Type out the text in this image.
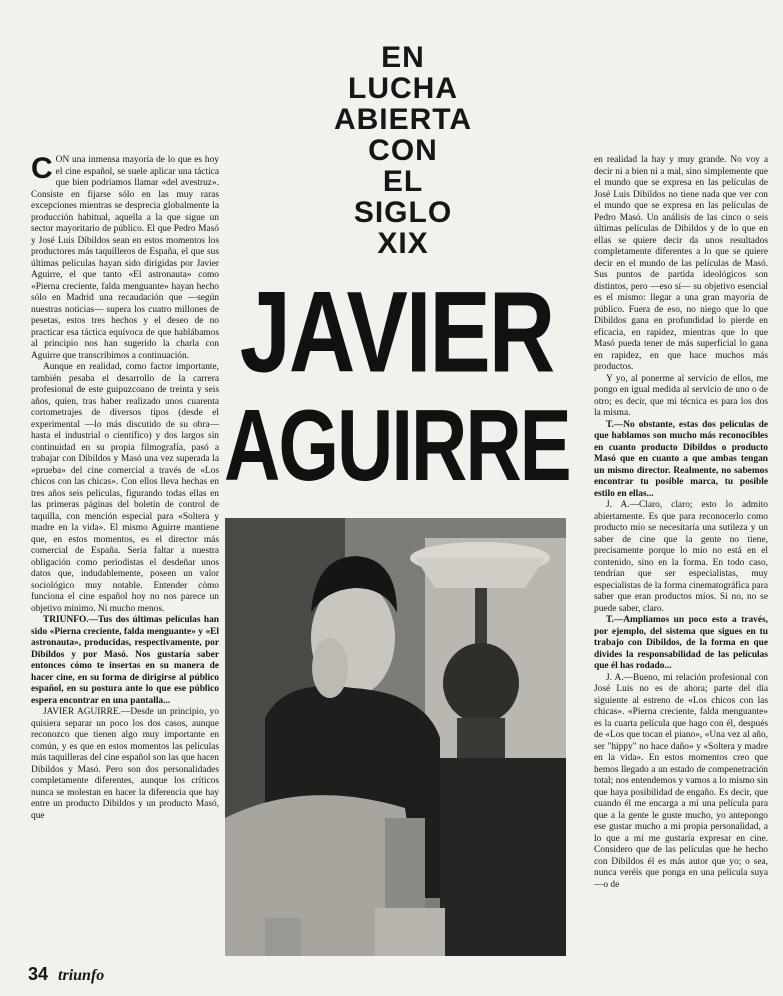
EN
LUCHA
ABIERTA
CON
EL
SIGLO
XIX
JAVIER
AGUIRRE

CON una inmensa mayoría de lo que es hoy el cine español, se suele aplicar una táctica que bien podríamos llamar «del avestruz». Consiste en fijarse sólo en las muy raras excepciones mientras se desprecia globalmente la producción habitual, aquella a la que sigue un sector mayoritario de público. El que Pedro Masó y José Luis Dibildos sean en estos momentos los productores más taquilleros de España, el que sus últimas películas hayan sido dirigidas por Javier Aguirre, el que tanto «El astronauta» como «Pierna creciente, falda menguante» hayan hecho sólo en Madrid una recaudación que —según nuestras noticias— supera los cuatro millones de pesetas, estos tres hechos y el deseo de no practicar esa táctica equívoca de que hablábamos al principio nos han sugerido la charla con Aguirre que transcribimos a continuación.

Aunque en realidad, como factor importante, también pesaba el desarrollo de la carrera profesional de este guipuzcoano de treinta y seis años, quien, tras haber realizado unos cuarenta cortometrajes de diversos tipos (desde el experimental —lo más discutido de su obra— hasta el industrial o científico) y dos largos sin continuidad en su propia filmografía, pasó a trabajar con Dibildos y Masó una vez superada la «prueba» del cine comercial a través de «Los chicos con las chicas». Con ellos lleva hechas en tres años seis películas, figurando todas ellas en las primeras páginas del boletín de control de taquilla, con mención especial para «Soltera y madre en la vida». El mismo Aguirre mantiene que, en estos momentos, es el director más comercial de España. Sería faltar a nuestra obligación como periodistas el desdeñar unos datos que, indudablemente, poseen un valor sociológico muy notable. Entender cómo funciona el cine español hoy no nos parece un objetivo mínimo. Ni mucho menos.

TRIUNFO.—Tus dos últimas películas han sido «Pierna creciente, falda menguante» y «El astronauta», producidas, respectivamente, por Dibildos y por Masó. Nos gustaría saber entonces cómo te insertas en su manera de hacer cine, en su forma de dirigirse al público español, en su postura ante lo que ese público espera encontrar en una pantalla...

JAVIER AGUIRRE.—Desde un principio, yo quisiera separar un poco los dos casos, aunque reconozco que tienen algo muy importante en común, y es que en estos momentos las películas más taquilleras del cine español son las que hacen Dibildos y Masó. Pero son dos personalidades completamente diferentes, aunque los críticos nunca se molestan en hacer la diferencia que hay entre un producto Dibildos y un producto Masó, que

en realidad la hay y muy grande. No voy a decir ni a bien ni a mal, sino simplemente que el mundo que se expresa en las películas de José Luis Dibildos no tiene nada que ver con el mundo que se expresa en las películas de Pedro Masó. Un análisis de las cinco o seis últimas películas de Dibildos y de lo que en ellas se quiere decir da unos resultados completamente diferentes a lo que se quiere decir en el mundo de las películas de Masó. Sus puntos de partida ideológicos son distintos, pero —eso sí— su objetivo esencial es el mismo: llegar a una gran mayoría de público. Fuera de eso, no niego que lo que Dibildos gana en profundidad lo pierde en eficacia, en rapidez, mientras que lo que Masó pueda tener de más superficial lo gana en rapidez, en que hace muchos más productos.

Y yo, al ponerme al servicio de ellos, me pongo en igual medida al servicio de uno o de otro; es decir, que mi técnica es para los dos la misma.

T.—No obstante, estas dos películas de que hablamos son mucho más reconocibles en cuanto producto Dibildos o producto Masó que en cuanto a que ambas tengan un mismo director. Realmente, no sabemos encontrar tu posible marca, tu posible estilo en ellas...

J. A.—Claro, claro; esto lo admito abiertamente. Es que para reconocerlo como producto mío se necesitaría una sutileza y un saber de cine que la gente no tiene, precisamente porque lo mío no está en el contenido, sino en la forma. En todo caso, tendrían que ser especialistas, muy especialistas de la forma cinematográfica para saber que eran productos míos. Si no, no se puede saber, claro.

T.—Ampliamos un poco esto a través, por ejemplo, del sistema que sigues en tu trabajo con Dibildos, de la forma en que divides la responsabilidad de las películas que él has rodado...

J. A.—Bueno, mi relación profesional con José Luis no es de ahora; parte del día siguiente al estreno de «Los chicos con las chicas». «Pierna creciente, falda menguante» es la cuarta película que hago con él, después de «Los que tocan el piano», «Una vez al año, ser "hippy" no hace daño» y «Soltera y madre en la vida». En estos momentos creo que hemos llegado a un estado de compenetración total; nos entendemos y vamos a lo mismo sin que haya posibilidad de engaño. Es decir, que cuando él me encarga a mí una película para que a la gente le guste mucho, yo antepongo ese gustar mucho a mi propia personalidad, a lo que a mí me gustaría expresar en cine. Considero que de las películas que he hecho con Dibildos él es más autor que yo; o sea, nunca veréis que ponga en una película suya —o de

34 triunfo
